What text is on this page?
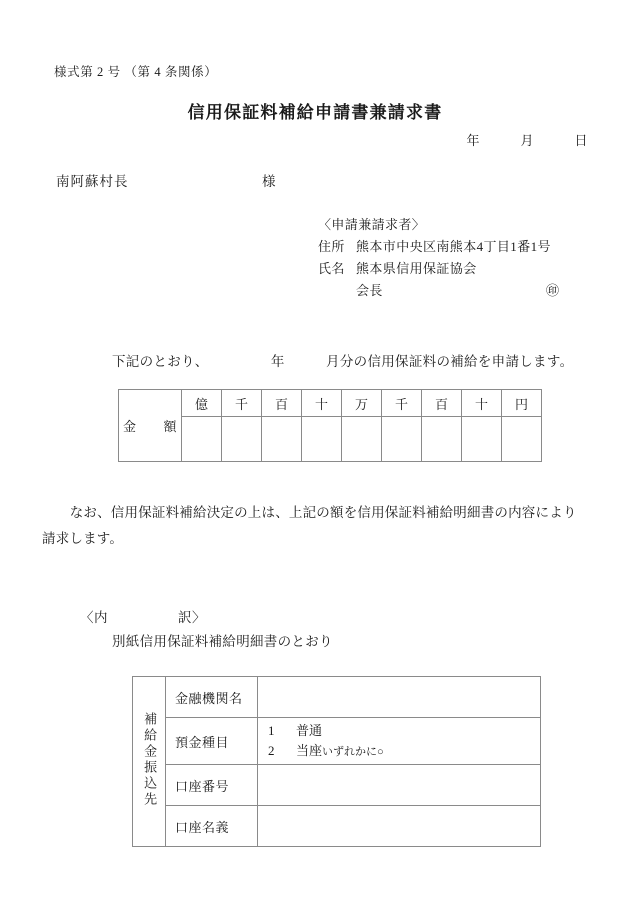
様式第 2 号 （第 4 条関係）
信用保証料補給申請書兼請求書
年　　　月　　　日
南阿蘇村長	様
〈申請兼請求者〉
住所 熊本市中央区南熊本4丁目1番1号
氏名 熊本県信用保証協会
会長	㊞
下記のとおり、　　　　　年　　　月分の信用保証料の補給を申請します。
金　　額	億	千	百	十	万	千	百	十	円

　なお、信用保証料補給決定の上は、上記の額を信用保証料補給明細書の内容により
請求します。
〈内　　　　　訳〉
別紙信用保証料補給明細書のとおり
補給金振込先	金融機関名	
	預金種目	1 普通
2 当座いずれかに○

	口座番号	
	口座名義	
